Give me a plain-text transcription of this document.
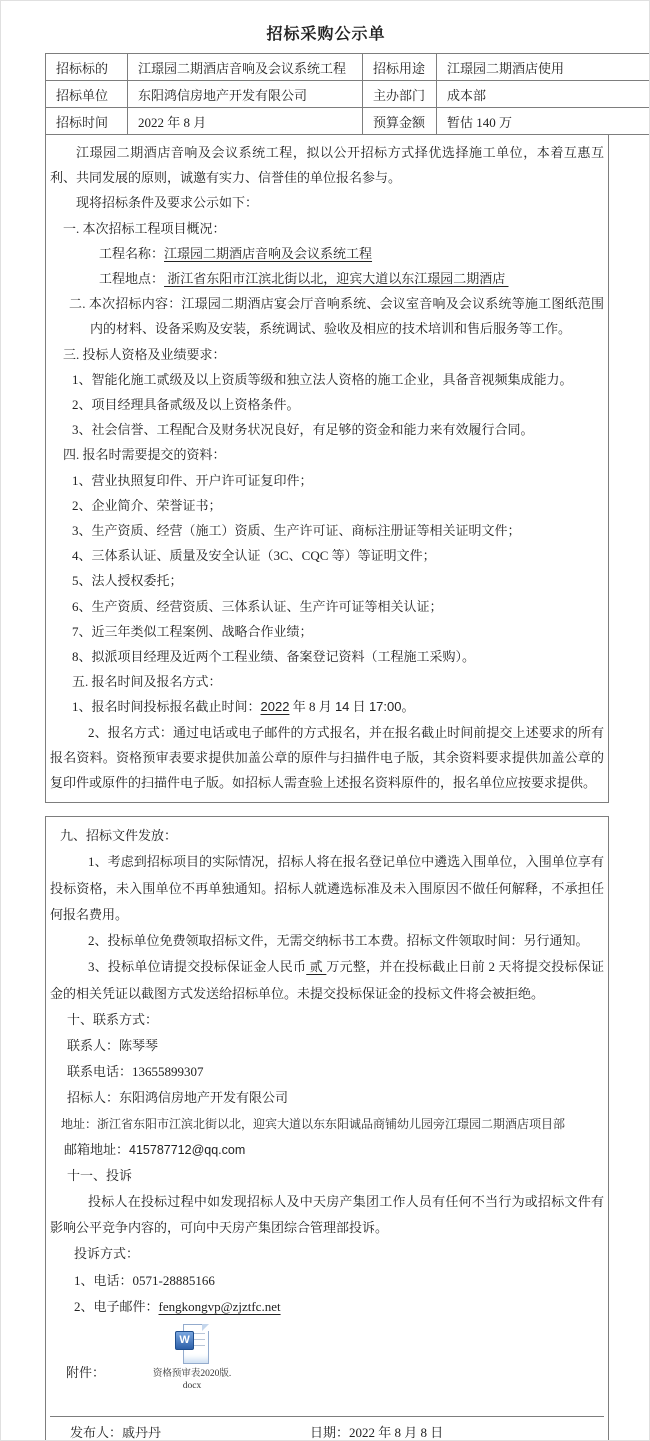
招标采购公示单
招标标的	江璟园二期酒店音响及会议系统工程	招标用途	江璟园二期酒店使用
招标单位	东阳鸿信房地产开发有限公司	主办部门	成本部
招标时间	2022 年 8 月	预算金额	暂估 140 万

江璟园二期酒店音响及会议系统工程，拟以公开招标方式择优选择施工单位，本着互惠互利、共同发展的原则，诚邀有实力、信誉佳的单位报名参与。

现将招标条件及要求公示如下：

一. 本次招标工程项目概况：

工程名称：江璟园二期酒店音响及会议系统工程

工程地点： 浙江省东阳市江滨北街以北，迎宾大道以东江璟园二期酒店

二. 本次招标内容：江璟园二期酒店宴会厅音响系统、会议室音响及会议系统等施工图纸范围内的材料、设备采购及安装，系统调试、验收及相应的技术培训和售后服务等工作。

三. 投标人资格及业绩要求：

1、智能化施工贰级及以上资质等级和独立法人资格的施工企业，具备音视频集成能力。

2、项目经理具备贰级及以上资格条件。

3、社会信誉、工程配合及财务状况良好，有足够的资金和能力来有效履行合同。

四. 报名时需要提交的资料：

1、营业执照复印件、开户许可证复印件；

2、企业简介、荣誉证书；

3、生产资质、经营（施工）资质、生产许可证、商标注册证等相关证明文件；

4、三体系认证、质量及安全认证（3C、CQC 等）等证明文件；

5、法人授权委托；

6、生产资质、经营资质、三体系认证、生产许可证等相关认证；

7、近三年类似工程案例、战略合作业绩；

8、拟派项目经理及近两个工程业绩、备案登记资料（工程施工采购）。

五. 报名时间及报名方式：

1、报名时间投标报名截止时间：2022 年 8 月 14 日 17:00。

2、报名方式：通过电话或电子邮件的方式报名，并在报名截止时间前提交上述要求的所有报名资料。资格预审表要求提供加盖公章的原件与扫描件电子版，其余资料要求提供加盖公章的复印件或原件的扫描件电子版。如招标人需查验上述报名资料原件的，报名单位应按要求提供。

九、招标文件发放：

1、考虑到招标项目的实际情况，招标人将在报名登记单位中遴选入围单位，入围单位享有投标资格，未入围单位不再单独通知。招标人就遴选标准及未入围原因不做任何解释，不承担任何报名费用。

2、投标单位免费领取招标文件，无需交纳标书工本费。招标文件领取时间：另行通知。

3、投标单位请提交投标保证金人民币 贰 万元整，并在投标截止日前 2 天将提交投标保证金的相关凭证以截图方式发送给招标单位。未提交投标保证金的投标文件将会被拒绝。

十、联系方式：

联系人：陈琴琴

联系电话：13655899307

招标人：东阳鸿信房地产开发有限公司

地址：浙江省东阳市江滨北街以北，迎宾大道以东东阳诚品商铺幼儿园旁江璟园二期酒店项目部

邮箱地址：415787712@qq.com

十一、投诉

投标人在投标过程中如发现招标人及中天房产集团工作人员有任何不当行为或招标文件有影响公平竞争内容的，可向中天房产集团综合管理部投诉。

投诉方式：

1、电话：0571-28885166

2、电子邮件：fengkongvp@zjztfc.net

附件：
W
资格预审表2020版.
docx
发布人：戚丹丹	日期：2022 年 8 月 8 日
